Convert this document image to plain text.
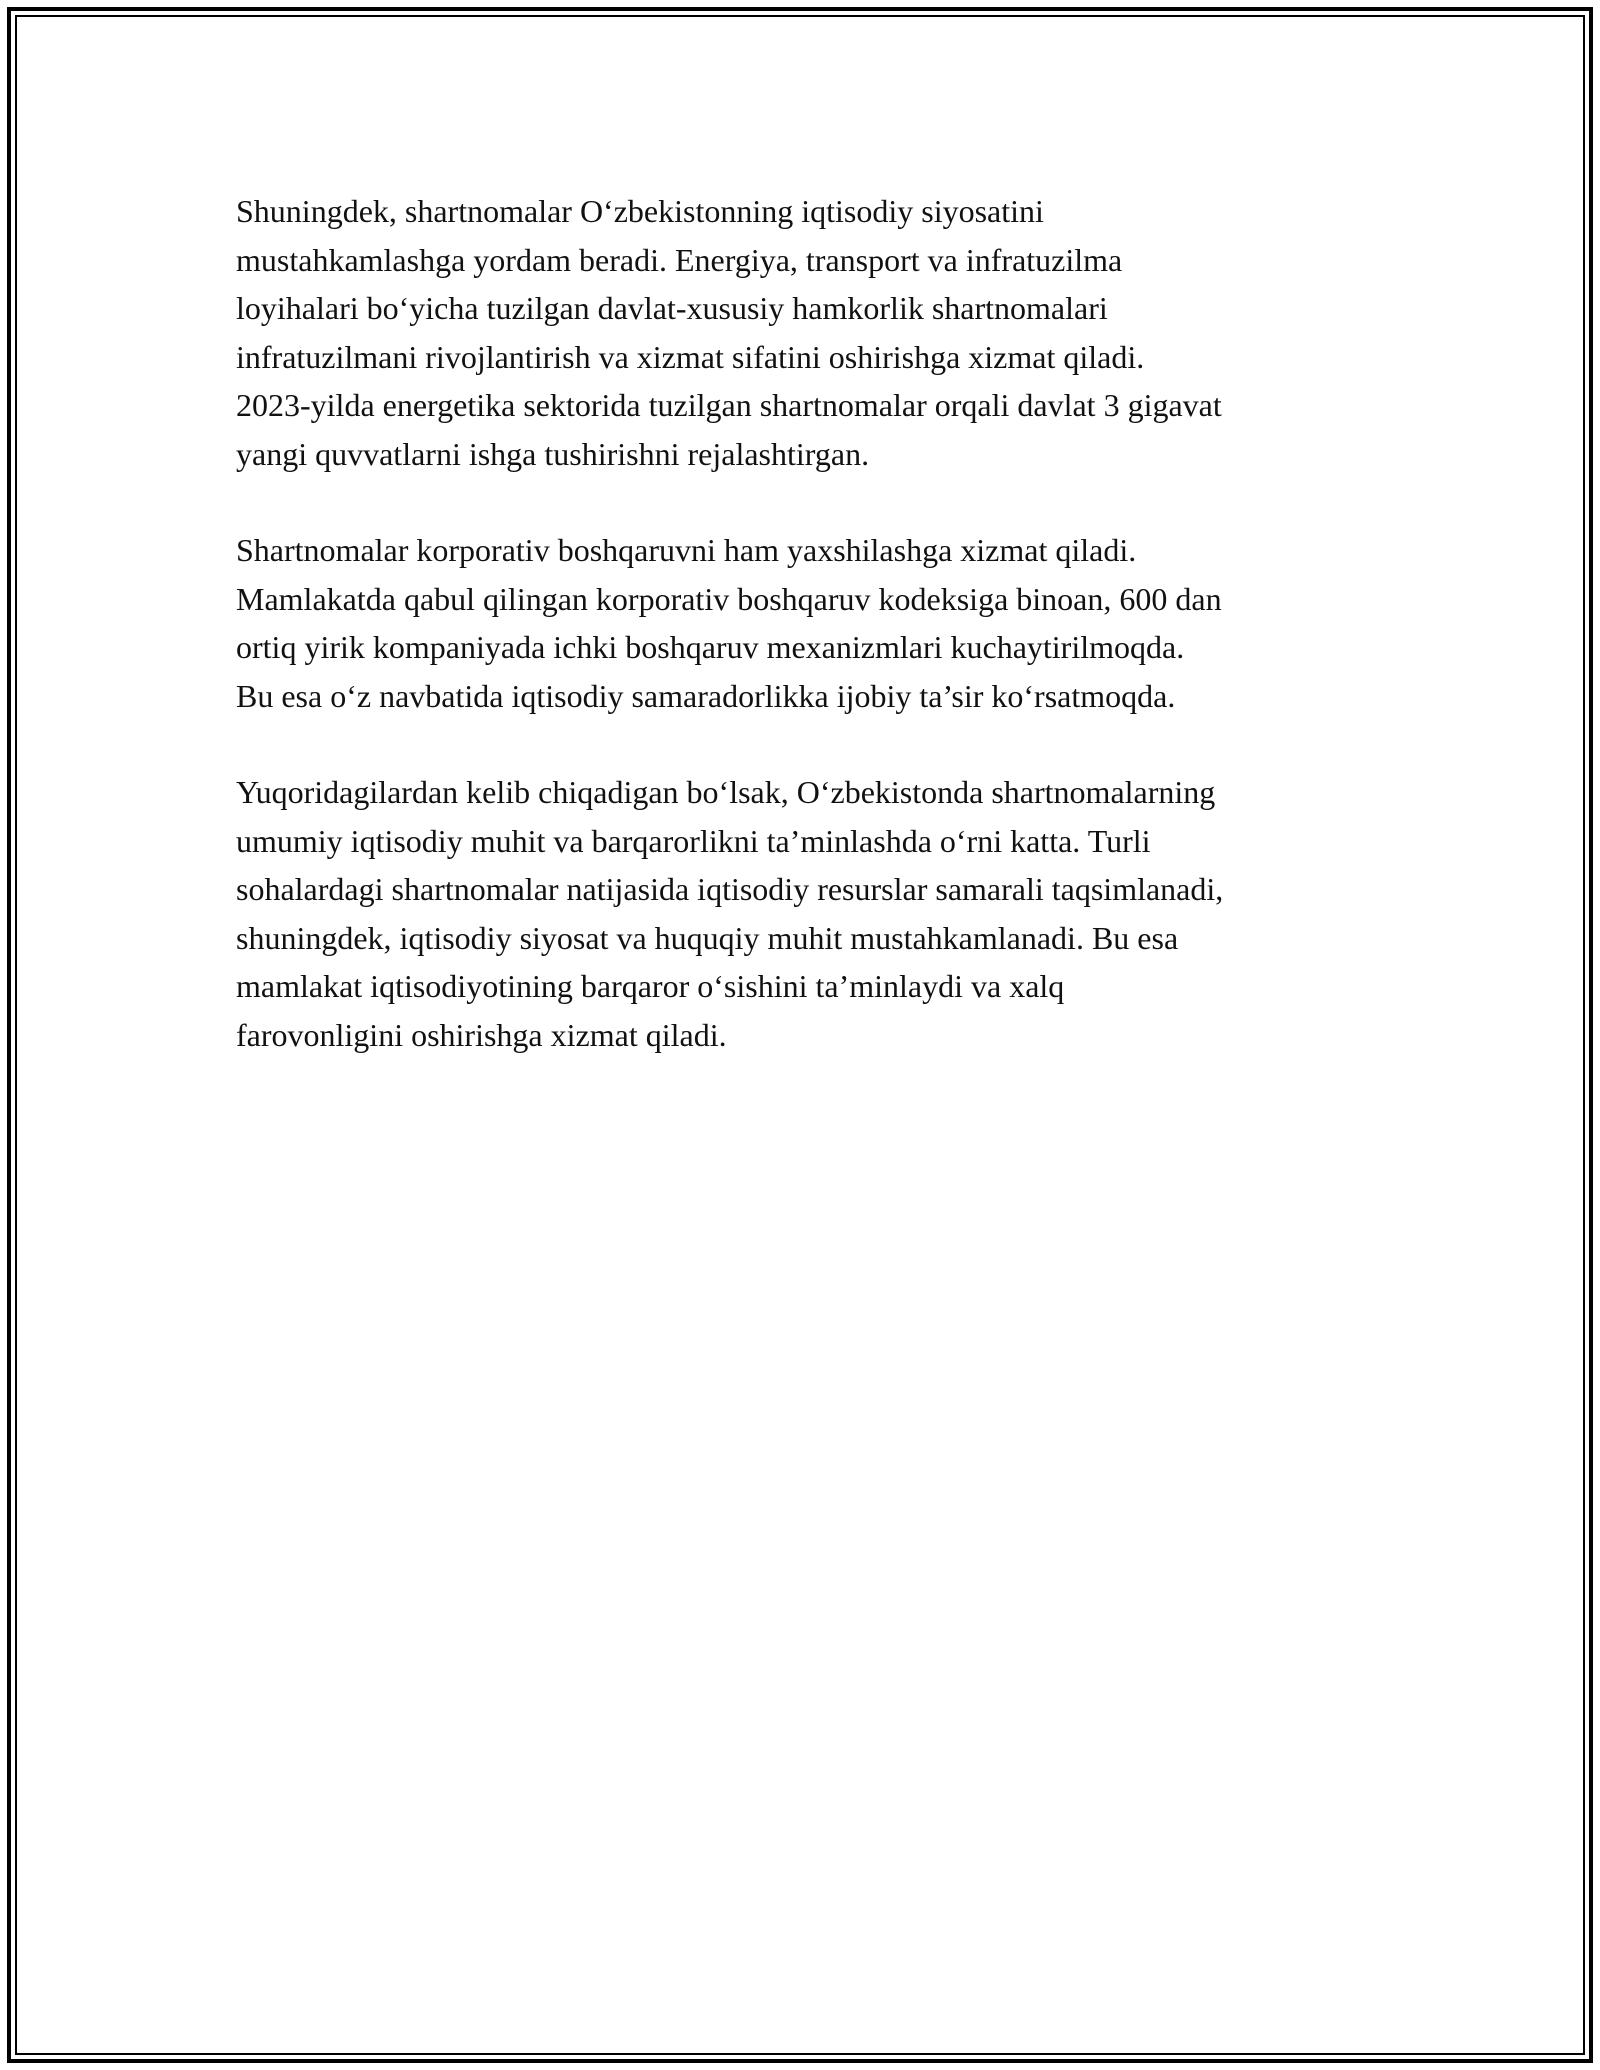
Shuningdek, shartnomalar O‘zbekistonning iqtisodiy siyosatini
mustahkamlashga yordam beradi. Energiya, transport va infratuzilma
loyihalari bo‘yicha tuzilgan davlat-xususiy hamkorlik shartnomalari
infratuzilmani rivojlantirish va xizmat sifatini oshirishga xizmat qiladi.
2023-yilda energetika sektorida tuzilgan shartnomalar orqali davlat 3 gigavat
yangi quvvatlarni ishga tushirishni rejalashtirgan.

Shartnomalar korporativ boshqaruvni ham yaxshilashga xizmat qiladi.
Mamlakatda qabul qilingan korporativ boshqaruv kodeksiga binoan, 600 dan
ortiq yirik kompaniyada ichki boshqaruv mexanizmlari kuchaytirilmoqda.
Bu esa o‘z navbatida iqtisodiy samaradorlikka ijobiy ta’sir ko‘rsatmoqda.

Yuqoridagilardan kelib chiqadigan bo‘lsak, O‘zbekistonda shartnomalarning
umumiy iqtisodiy muhit va barqarorlikni ta’minlashda o‘rni katta. Turli
sohalardagi shartnomalar natijasida iqtisodiy resurslar samarali taqsimlanadi,
shuningdek, iqtisodiy siyosat va huquqiy muhit mustahkamlanadi. Bu esa
mamlakat iqtisodiyotining barqaror o‘sishini ta’minlaydi va xalq
farovonligini oshirishga xizmat qiladi.
